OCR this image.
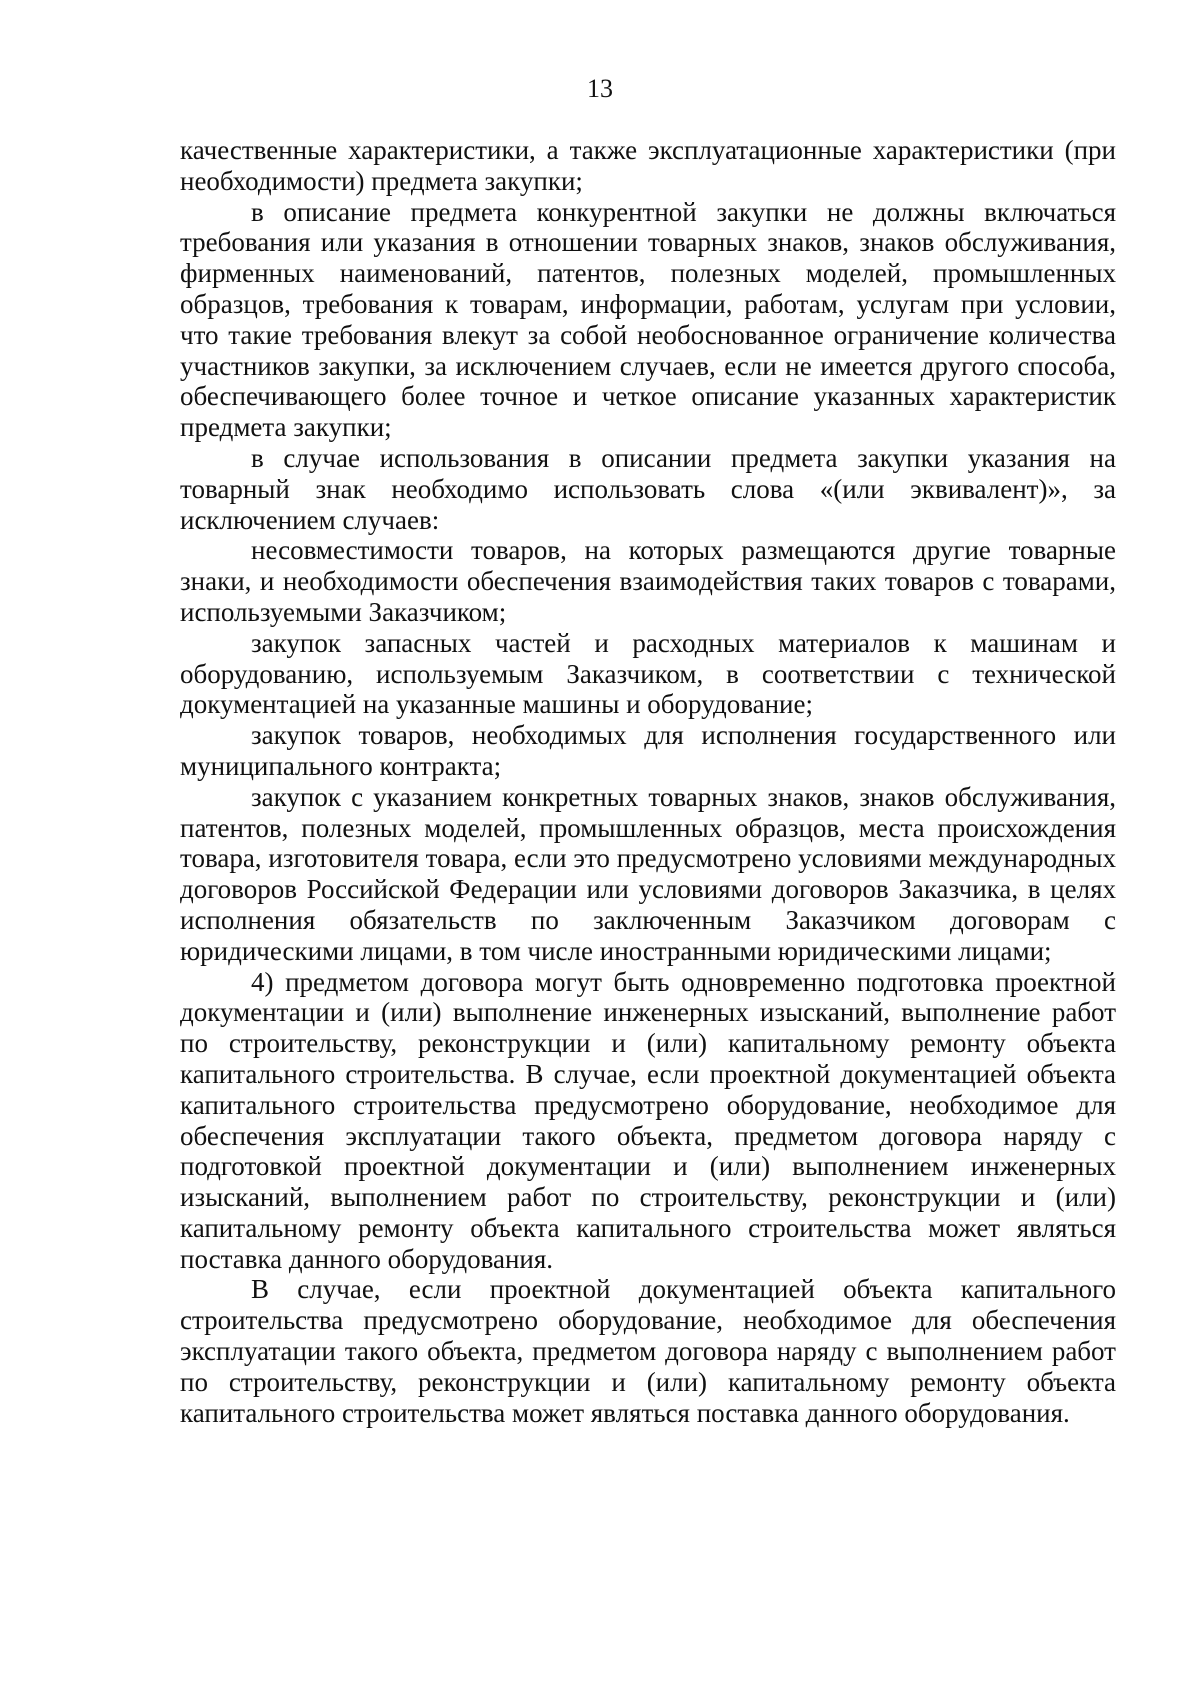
13

качественные характеристики, а также эксплуатационные характеристики (при необходимости) предмета закупки;

в описание предмета конкурентной закупки не должны включаться требования или указания в отношении товарных знаков, знаков обслуживания, фирменных наименований, патентов, полезных моделей, промышленных образцов, требования к товарам, информации, работам, услугам при условии, что такие требования влекут за собой необоснованное ограничение количества участников закупки, за исключением случаев, если не имеется другого способа, обеспечивающего более точное и четкое описание указанных характеристик предмета закупки;

в случае использования в описании предмета закупки указания на товарный знак необходимо использовать слова «(или эквивалент)», за исключением случаев:

несовместимости товаров, на которых размещаются другие товарные знаки, и необходимости обеспечения взаимодействия таких товаров с товарами, используемыми Заказчиком;

закупок запасных частей и расходных материалов к машинам и оборудованию, используемым Заказчиком, в соответствии с технической документацией на указанные машины и оборудование;

закупок товаров, необходимых для исполнения государственного или муниципального контракта;

закупок с указанием конкретных товарных знаков, знаков обслуживания, патентов, полезных моделей, промышленных образцов, места происхождения товара, изготовителя товара, если это предусмотрено условиями международных договоров Российской Федерации или условиями договоров Заказчика, в целях исполнения обязательств по заключенным Заказчиком договорам с юридическими лицами, в том числе иностранными юридическими лицами;

4) предметом договора могут быть одновременно подготовка проектной документации и (или) выполнение инженерных изысканий, выполнение работ по строительству, реконструкции и (или) капитальному ремонту объекта капитального строительства. В случае, если проектной документацией объекта капитального строительства предусмотрено оборудование, необходимое для обеспечения эксплуатации такого объекта, предметом договора наряду с подготовкой проектной документации и (или) выполнением инженерных изысканий, выполнением работ по строительству, реконструкции и (или) капитальному ремонту объекта капитального строительства может являться поставка данного оборудования.

В случае, если проектной документацией объекта капитального строительства предусмотрено оборудование, необходимое для обеспечения эксплуатации такого объекта, предметом договора наряду с выполнением работ по строительству, реконструкции и (или) капитальному ремонту объекта капитального строительства может являться поставка данного оборудования.
